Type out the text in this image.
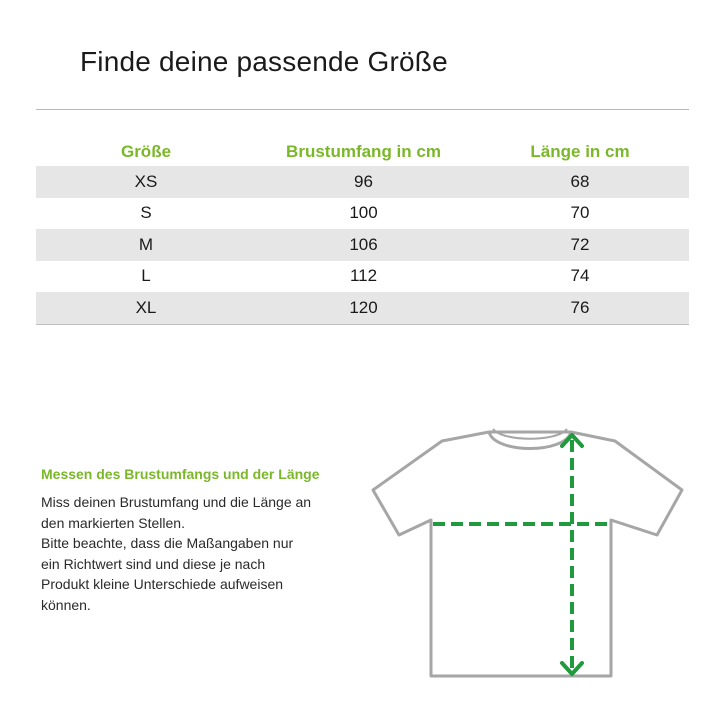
Finde deine passende Größe
Größe	Brustumfang in cm	Länge in cm
XS	96	68
S	100	70
M	106	72
L	112	74
XL	120	76
Messen des Brustumfangs und der Länge
Miss deinen Brustumfang und die Länge an
den markierten Stellen.
Bitte beachte, dass die Maßangaben nur
ein Richtwert sind und diese je nach
Produkt kleine Unterschiede aufweisen
können.
